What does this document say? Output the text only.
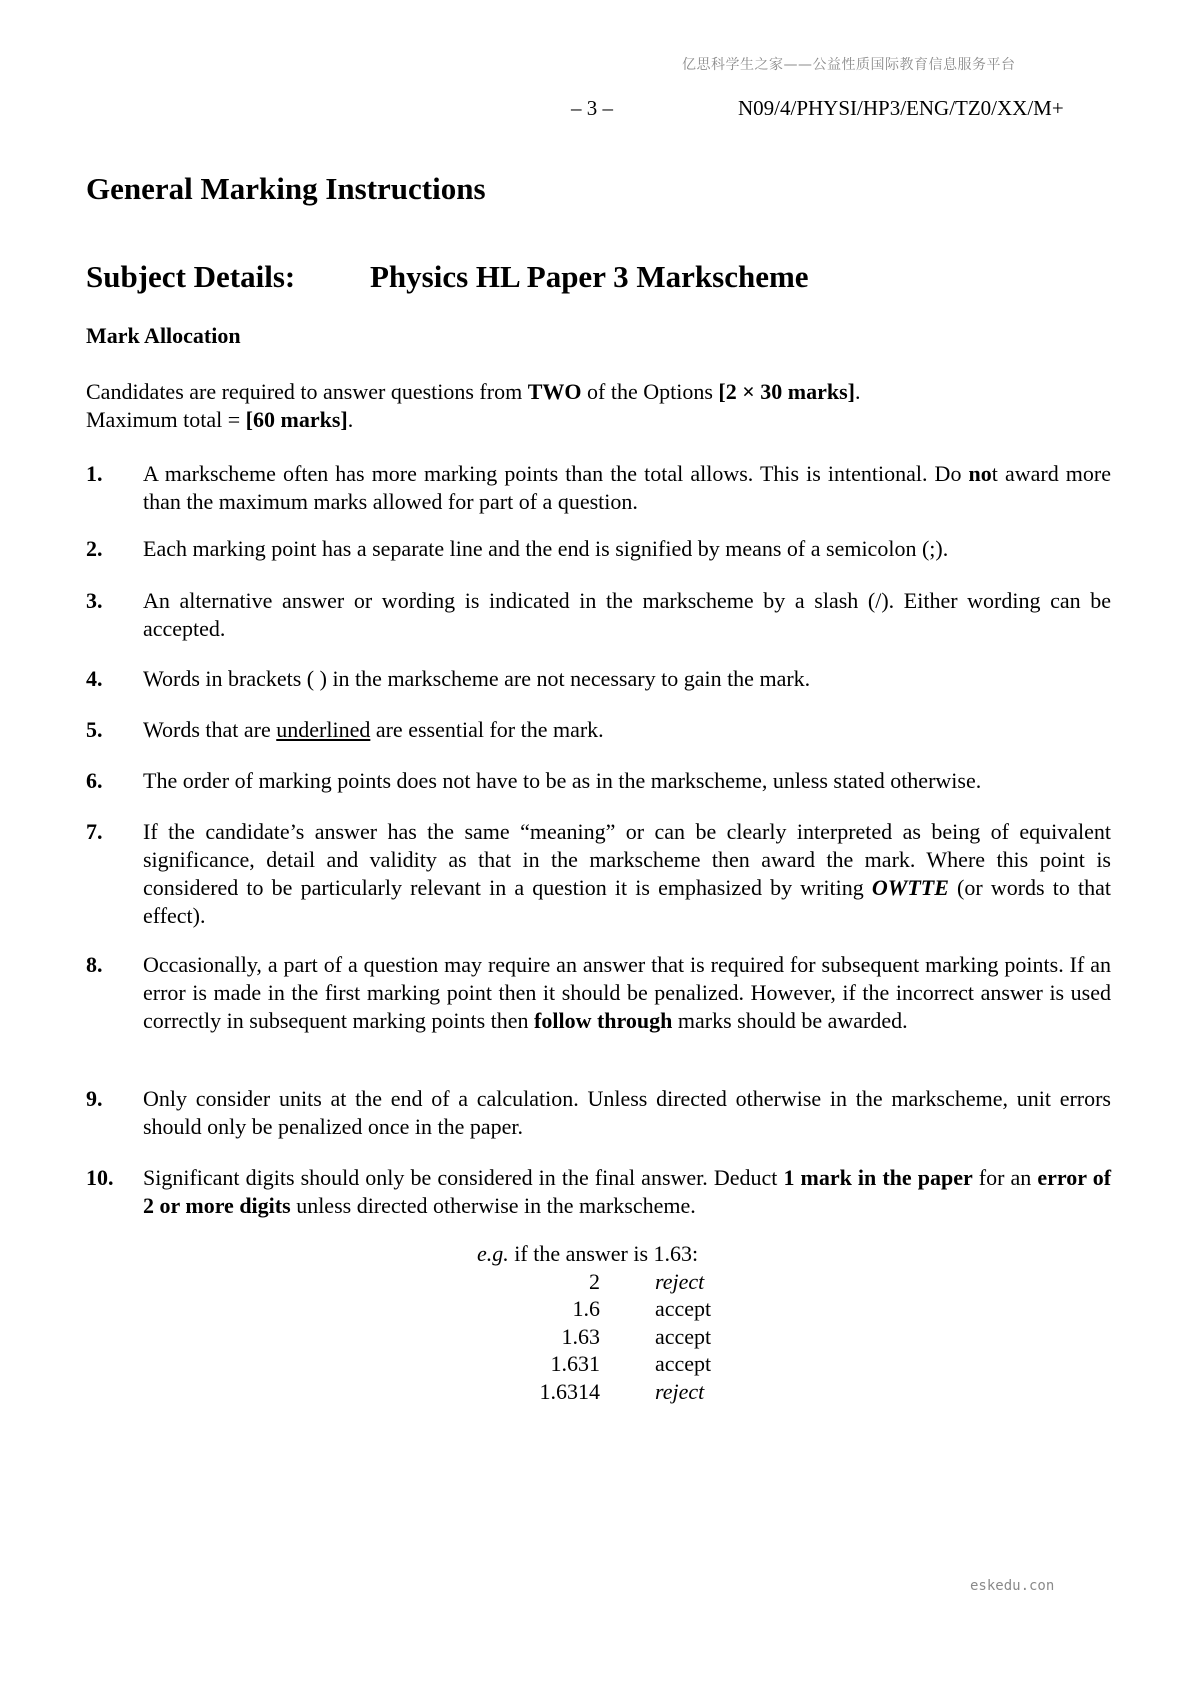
亿思科学生之家——公益性质国际教育信息服务平台
– 3 –	N09/4/PHYSI/HP3/ENG/TZ0/XX/M+
General Marking Instructions
Subject Details: Physics HL Paper 3 Markscheme
Mark Allocation

Candidates are required to answer questions from TWO of the Options [2 × 30 marks].

Maximum total = [60 marks].

1. A markscheme often has more marking points than the total allows. This is intentional. Do not award more than the maximum marks allowed for part of a question.
2. Each marking point has a separate line and the end is signified by means of a semicolon (;).
3. An alternative answer or wording is indicated in the markscheme by a slash (/). Either wording can be accepted.
4. Words in brackets ( ) in the markscheme are not necessary to gain the mark.
5. Words that are underlined are essential for the mark.
6. The order of marking points does not have to be as in the markscheme, unless stated otherwise.
7. If the candidate’s answer has the same “meaning” or can be clearly interpreted as being of equivalent significance, detail and validity as that in the markscheme then award the mark. Where this point is considered to be particularly relevant in a question it is emphasized by writing OWTTE (or words to that effect).
8. Occasionally, a part of a question may require an answer that is required for subsequent marking points. If an error is made in the first marking point then it should be penalized. However, if the incorrect answer is used correctly in subsequent marking points then follow through marks should be awarded.
9. Only consider units at the end of a calculation. Unless directed otherwise in the markscheme, unit errors should only be penalized once in the paper.
10. Significant digits should only be considered in the final answer. Deduct 1 mark in the paper for an error of 2 or more digits unless directed otherwise in the markscheme.
e.g. if the answer is 1.63:
2	reject
1.6	accept
1.63	accept
1.631	accept
1.6314	reject
eskedu.con
